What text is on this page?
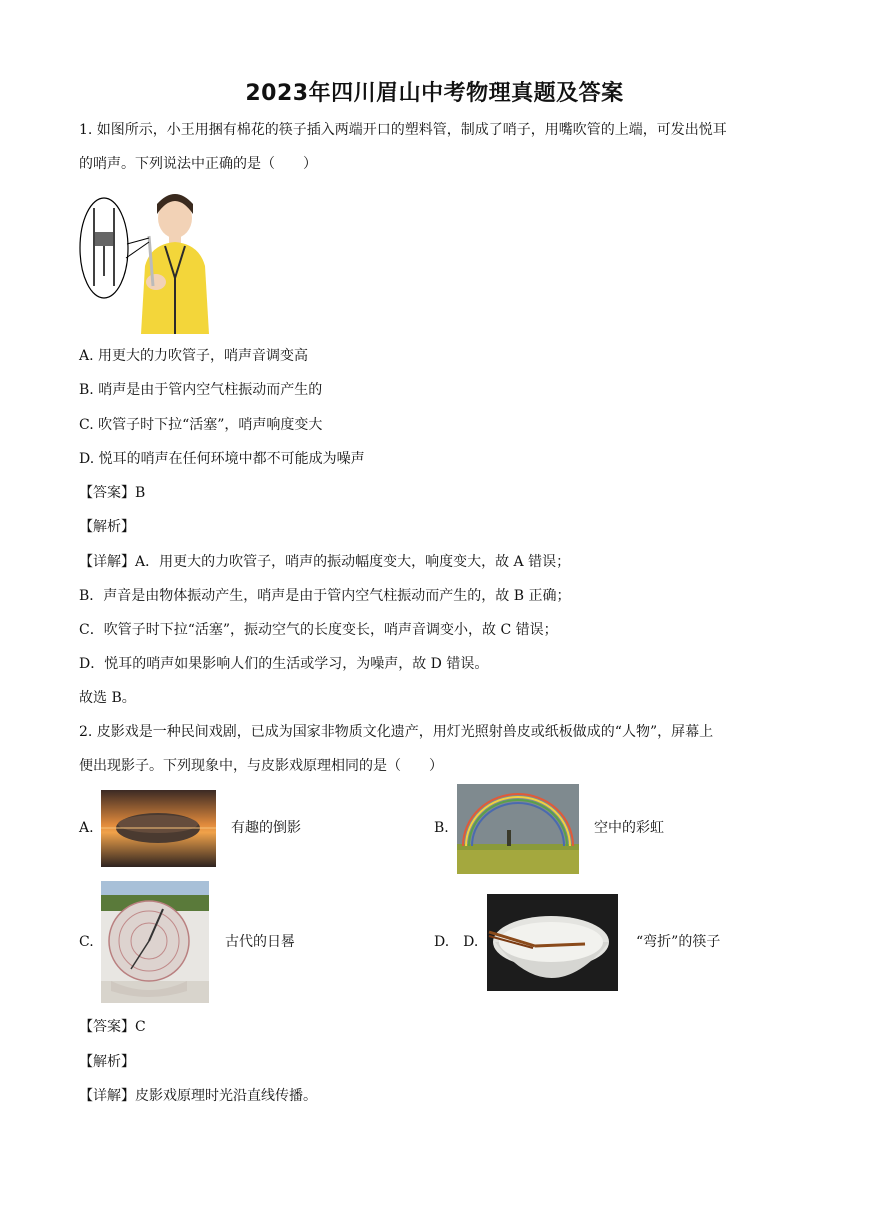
2023年四川眉山中考物理真题及答案
1. 如图所示，小王用捆有棉花的筷子插入两端开口的塑料管，制成了哨子，用嘴吹管的上端，可发出悦耳
的哨声。下列说法中正确的是（　　）
A. 用更大的力吹管子，哨声音调变高
B. 哨声是由于管内空气柱振动而产生的
C. 吹管子时下拉“活塞”，哨声响度变大
D. 悦耳的哨声在任何环境中都不可能成为噪声
【答案】B
【解析】
【详解】A．用更大的力吹管子，哨声的振动幅度变大，响度变大，故 A 错误；
B．声音是由物体振动产生，哨声是由于管内空气柱振动而产生的，故 B 正确；
C．吹管子时下拉“活塞”，振动空气的长度变长，哨声音调变小，故 C 错误；
D．悦耳的哨声如果影响人们的生活或学习，为噪声，故 D 错误。
故选 B。
2. 皮影戏是一种民间戏剧，已成为国家非物质文化遗产，用灯光照射兽皮或纸板做成的“人物”，屏幕上
便出现影子。下列现象中，与皮影戏原理相同的是（　　）
A.	有趣的倒影	B.	空中的彩虹
C.	古代的日晷	D.　D.	“弯折”的筷子
【答案】C
【解析】
【详解】皮影戏原理时光沿直线传播。
